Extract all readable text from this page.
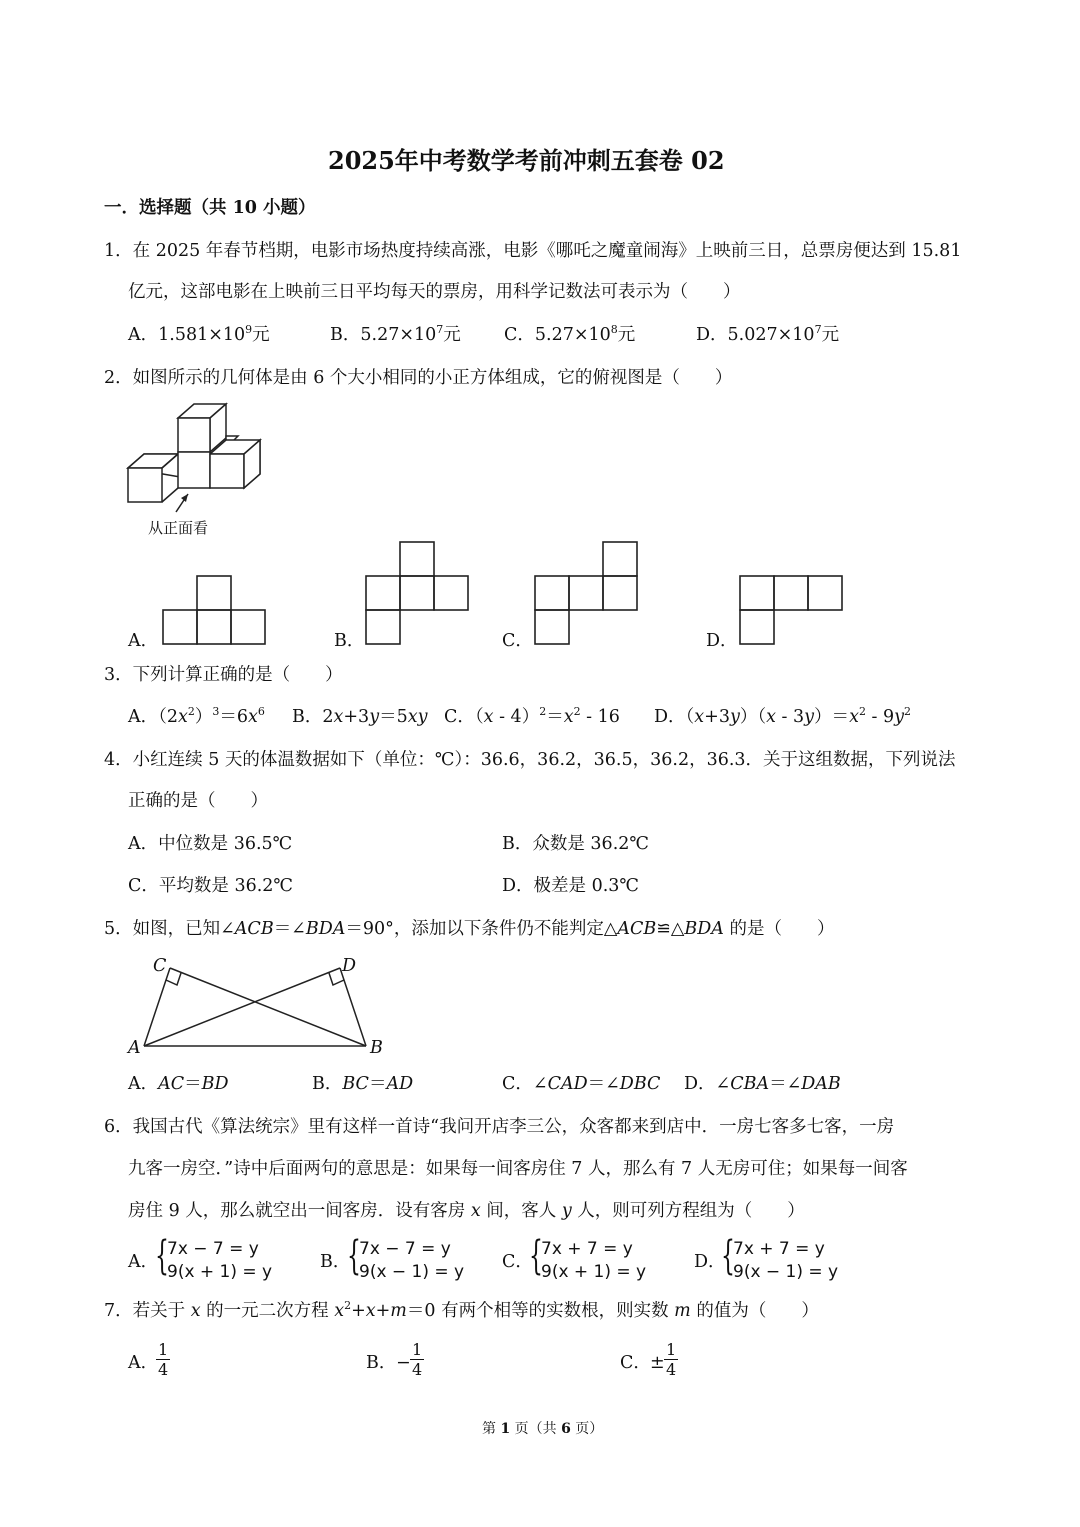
2025年中考数学考前冲刺五套卷 02
一．选择题（共 10 小题）
1．在 2025 年春节档期，电影市场热度持续高涨，电影《哪吒之魔童闹海》上映前三日，总票房便达到 15.81
亿元，这部电影在上映前三日平均每天的票房，用科学记数法可表示为（　　）
A．$1.581\times 10^9$元	B．$5.27\times 10^7$元 C．$5.27\times 10^8$元	D．$5.027\times 10^7$元
2．如图所示的几何体是由 6 个大小相同的小正方体组成，它的俯视图是（　　）
从正面看
A．	B．	C．	D．
3．下列计算正确的是（　　）
A．$(2x^2)^3=6x^6$ B．2x+3y＝5xy C．$(x - 4)^2=x^2 - 16$ D．$(x+3y)(x - 3y)=x^2 - 9y^2$
4．小红连续 5 天的体温数据如下（单位：℃）：36.6，36.2，36.5，36.2，36.3．关于这组数据，下列说法
正确的是（　　）
A．中位数是 36.5℃	B．众数是 36.2℃
C．平均数是 36.2℃	D．极差是 0.3℃
5．如图，已知∠ACB＝∠BDA＝90°，添加以下条件仍不能判定△ACB≌△BDA 的是（　　）
C	D
A	B
A．AC＝BD	B．BC＝AD	C．∠CAD＝∠DBC D．∠CBA＝∠DAB
6．我国古代《算法统宗》里有这样一首诗“我问开店李三公，众客都来到店中．一房七客多七客，一房
九客一房空．”诗中后面两句的意思是：如果每一间客房住 7 人，那么有 7 人无房可住；如果每一间客
房住 9 人，那么就空出一间客房．设有客房 x 间，客人 y 人，则可列方程组为（　　）
A．
{
7x − 7 = y
9(x + 1) = y	B．
{
7x − 7 = y
9(x − 1) = y C．
{
7x + 7 = y
9(x + 1) = y	D．
{
7x + 7 = y
9(x − 1) = y
7．若关于 x 的一元二次方程 $x^2+x+m=0$ 有两个相等的实数根，则实数 m 的值为（　　）
A．
$\frac{1}{4}$	B． − $\frac{1}{4}$	C． ± $\frac{1}{4}$
第 1 页（共 6 页）
